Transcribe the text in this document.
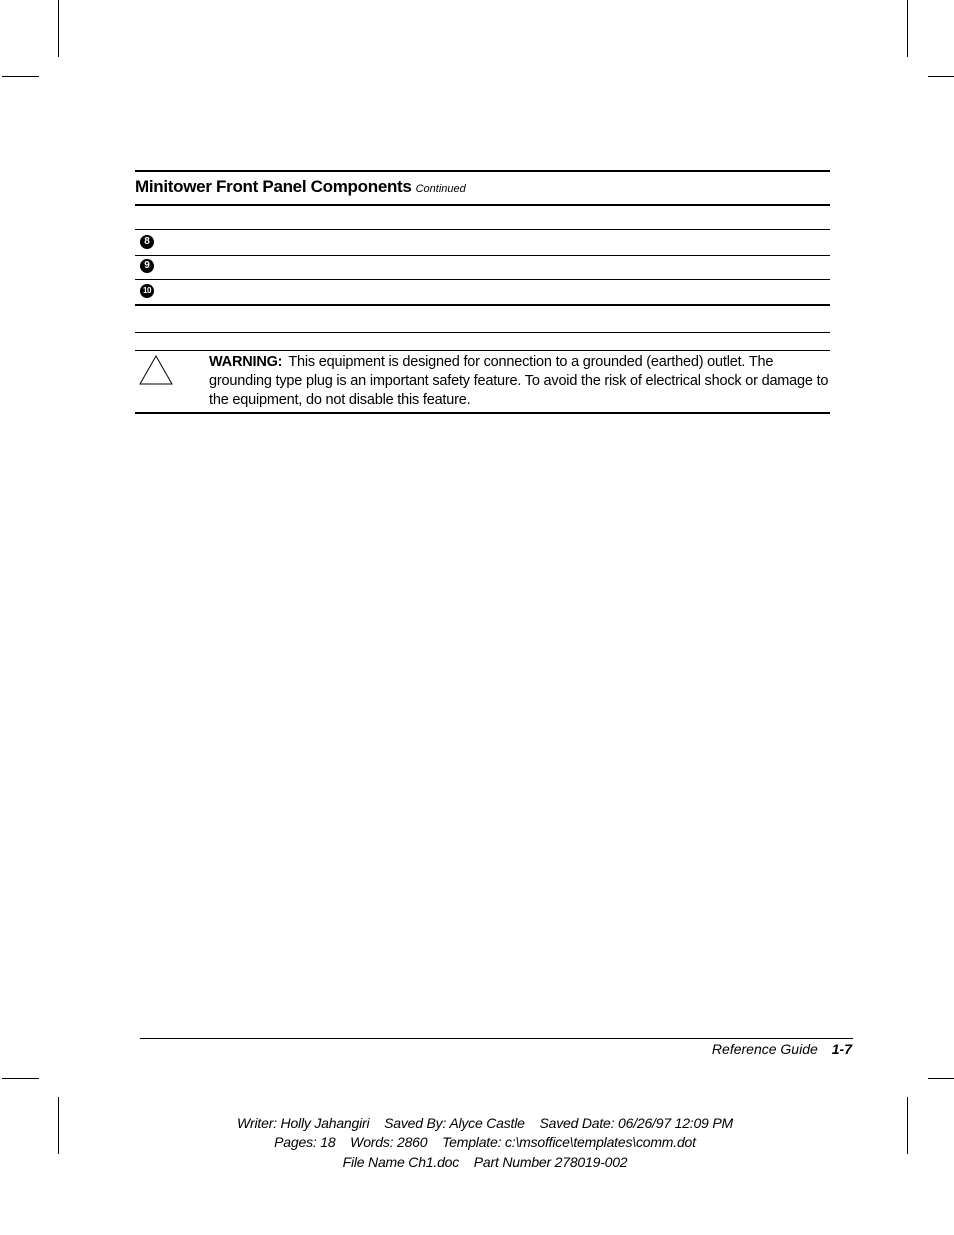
Minitower Front Panel Components Continued
8
9
10
WARNING: This equipment is designed for connection to a grounded (earthed) outlet. The grounding type plug is an important safety feature. To avoid the risk of electrical shock or damage to the equipment, do not disable this feature.
Reference Guide 1-7
Writer: Holly Jahangiri    Saved By: Alyce Castle    Saved Date: 06/26/97 12:09 PM
Pages: 18    Words: 2860    Template: c:\msoffice\templates\comm.dot
File Name Ch1.doc    Part Number 278019-002
